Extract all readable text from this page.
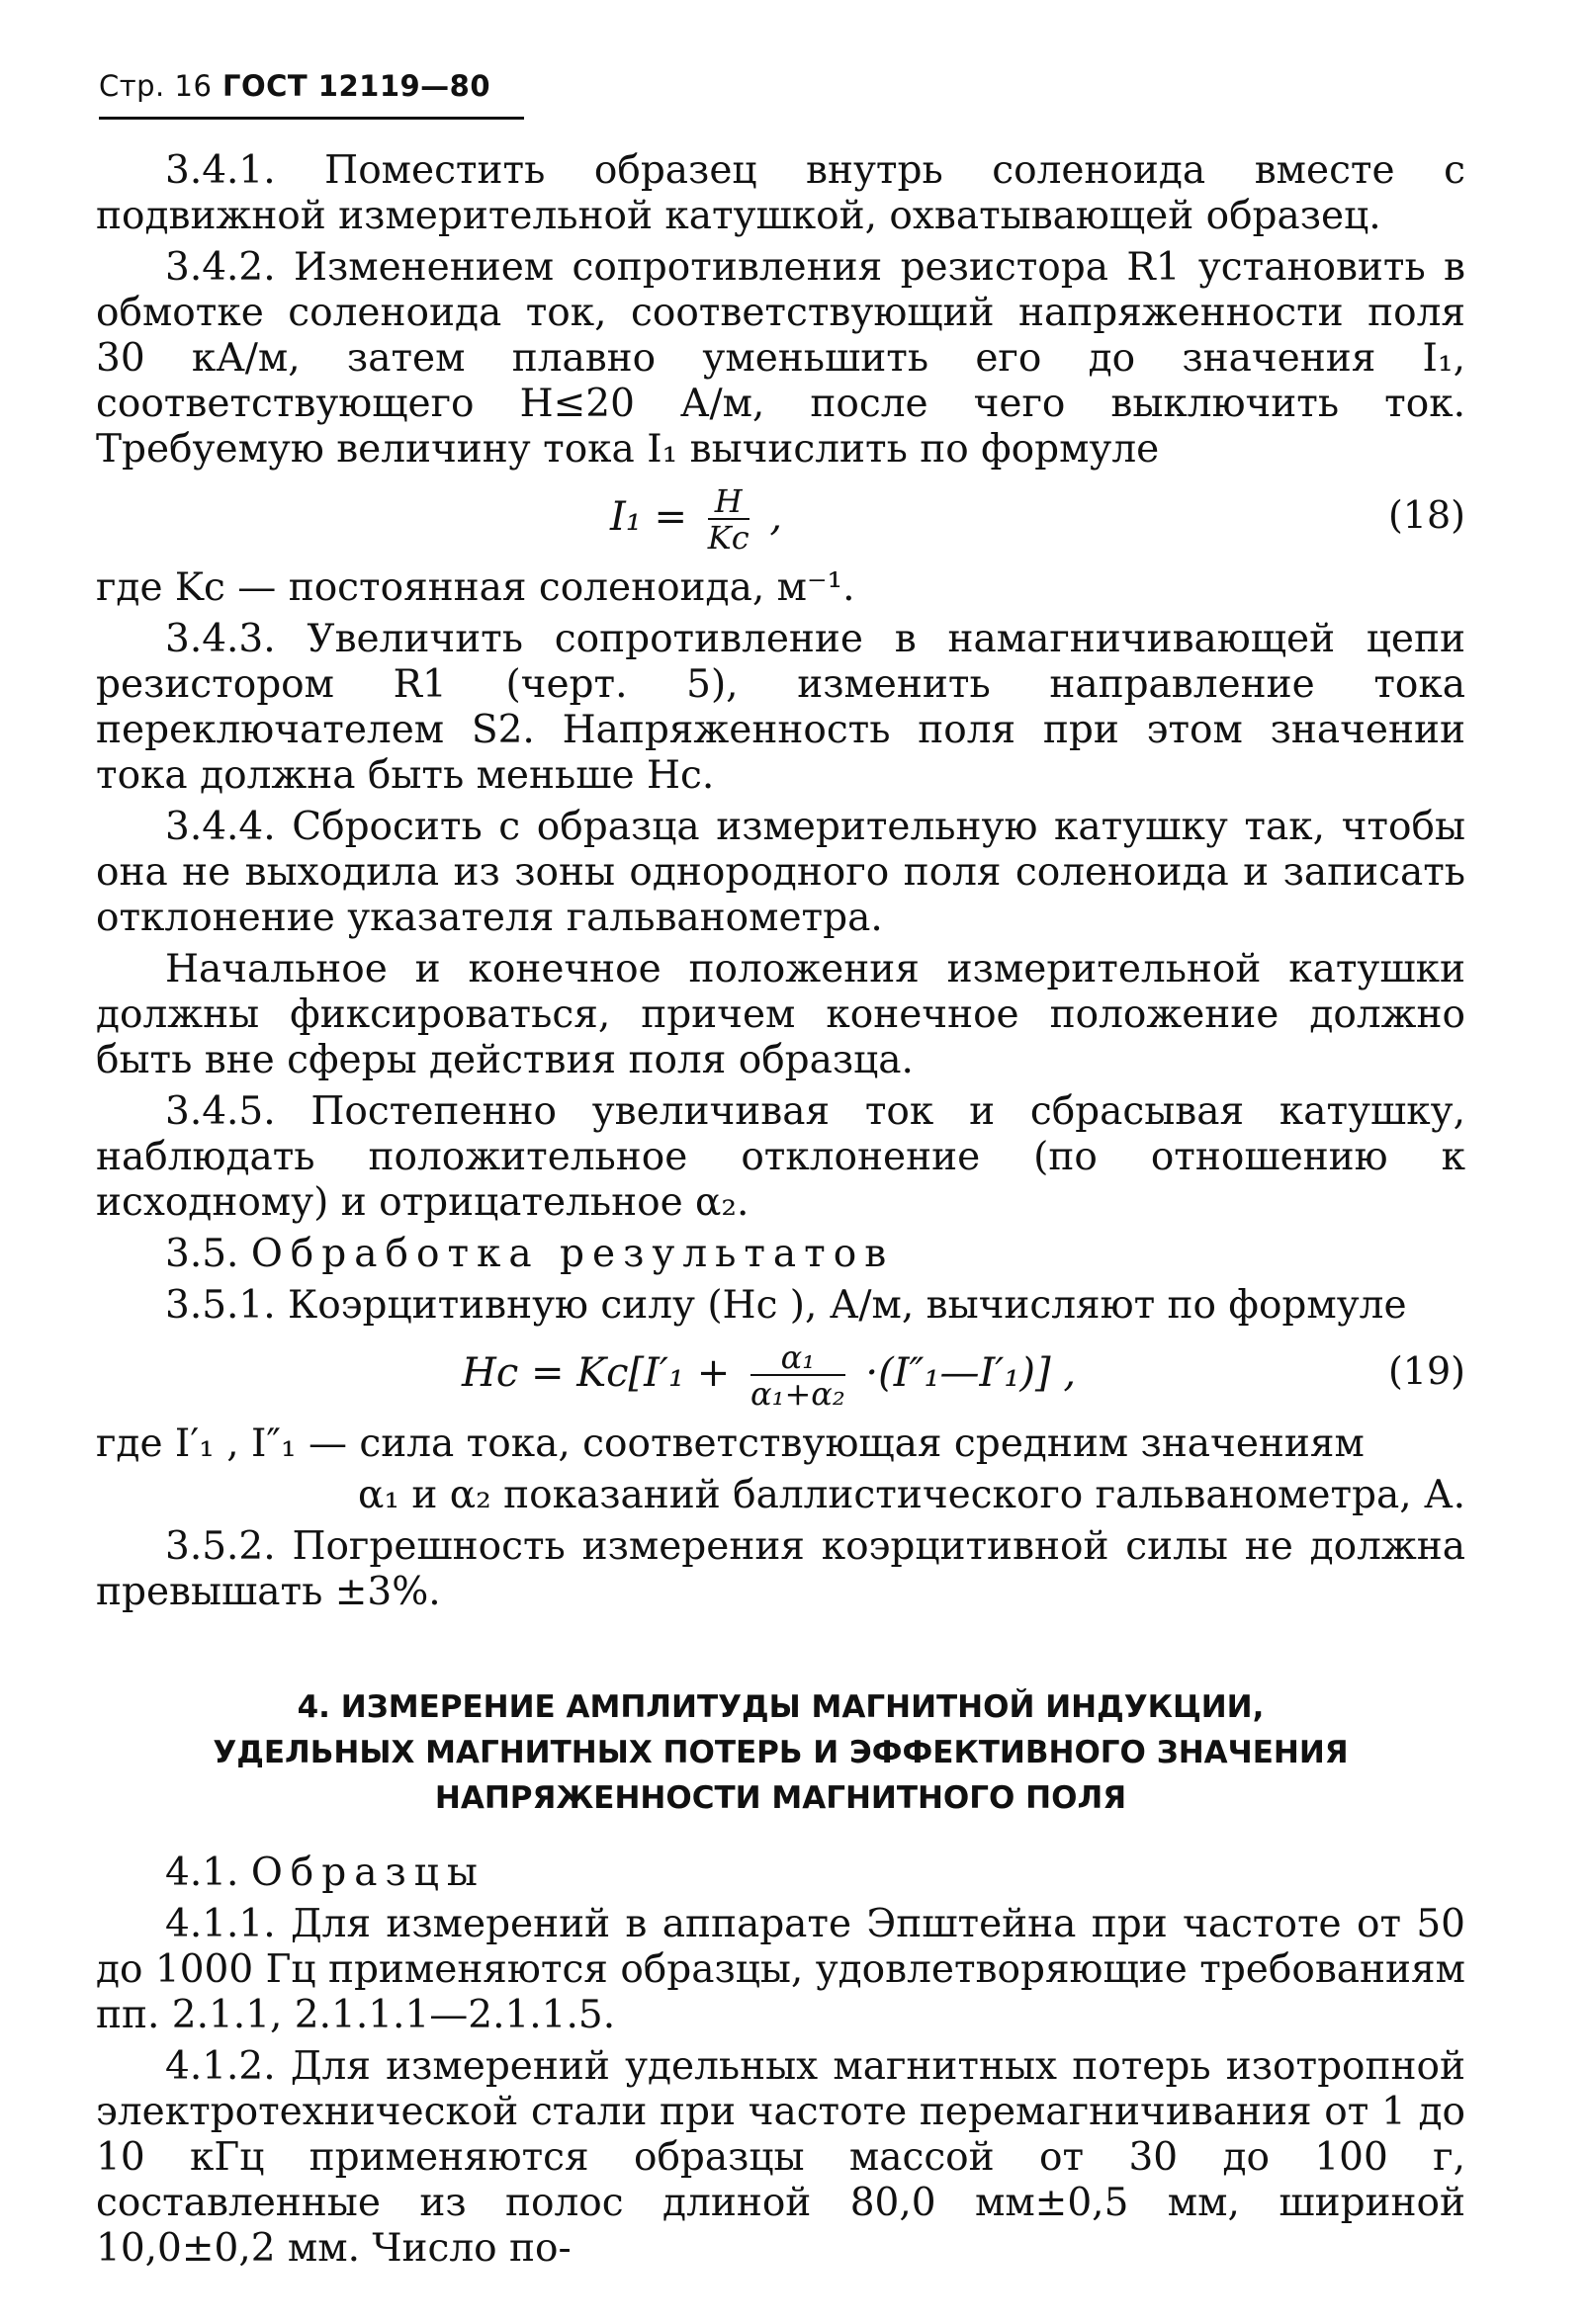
Стр. 16 ГОСТ 12119—80

3.4.1. Поместить образец внутрь соленоида вместе с подвижной измерительной катушкой, охватывающей образец.

3.4.2. Изменением сопротивления резистора R1 установить в обмотке соленоида ток, соответствующий напряженности поля 30 кА/м, затем плавно уменьшить его до значения I₁, соответствующего H≤20 А/м, после чего выключить ток. Требуемую величину тока I₁ вычислить по формуле

$I_1 = \frac{H}{Kc}$ ,	(18)

где Kc — постоянная соленоида, м⁻¹.

3.4.3. Увеличить сопротивление в намагничивающей цепи резистором R1 (черт. 5), изменить направление тока переключателем S2. Напряженность поля при этом значении тока должна быть меньше Hc.

3.4.4. Сбросить с образца измерительную катушку так, чтобы она не выходила из зоны однородного поля соленоида и записать отклонение указателя гальванометра.

Начальное и конечное положения измерительной катушки должны фиксироваться, причем конечное положение должно быть вне сферы действия поля образца.

3.4.5. Постепенно увеличивая ток и сбрасывая катушку, наблюдать положительное отклонение (по отношению к исходному) и отрицательное α₂.

3.5. Обработка результатов

3.5.1. Коэрцитивную силу (Hc ), А/м, вычисляют по формуле

$Hc = Kc[I'_1 + \frac{\text{α₁}}{\text{α₁+α₂}}$ ·(I″₁—I′₁)] ,	(19)

где I′₁ , I″₁ — сила тока, соответствующая средним значениям

α₁ и α₂ показаний баллистического гальванометра, А.

3.5.2. Погрешность измерения коэрцитивной силы не должна превышать ±3%.

4. ИЗМЕРЕНИЕ АМПЛИТУДЫ МАГНИТНОЙ ИНДУКЦИИ,
УДЕЛЬНЫХ МАГНИТНЫХ ПОТЕРЬ И ЭФФЕКТИВНОГО ЗНАЧЕНИЯ
НАПРЯЖЕННОСТИ МАГНИТНОГО ПОЛЯ

4.1. Образцы

4.1.1. Для измерений в аппарате Эпштейна при частоте от 50 до 1000 Гц применяются образцы, удовлетворяющие требованиям пп. 2.1.1, 2.1.1.1—2.1.1.5.

4.1.2. Для измерений удельных магнитных потерь изотропной электротехнической стали при частоте перемагничивания от 1 до 10 кГц применяются образцы массой от 30 до 100 г, составленные из полос длиной 80,0 мм±0,5 мм, шириной 10,0±0,2 мм. Число по-
